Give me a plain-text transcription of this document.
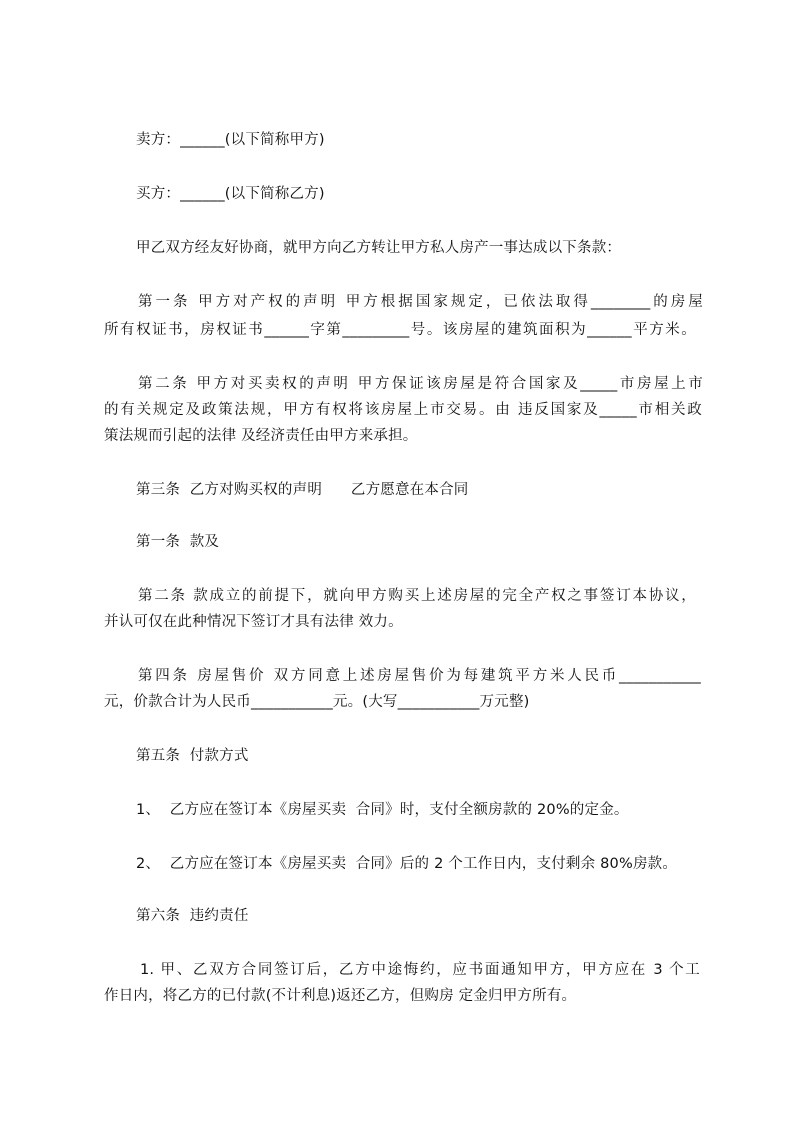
卖方：______(以下简称甲方)
买方：______(以下简称乙方)
甲乙双方经友好协商，就甲方向乙方转让甲方私人房产一事达成以下条款：
第一条 甲方对产权的声明 甲方根据国家规定，已依法取得________的房屋
所有权证书，房权证书______字第_________号。该房屋的建筑面积为______平方米。
第二条 甲方对买卖权的声明 甲方保证该房屋是符合国家及_____市房屋上市
的有关规定及政策法规，甲方有权将该房屋上市交易。由 违反国家及_____市相关政
策法规而引起的法律 及经济责任由甲方来承担。
第三条  乙方对购买权的声明      乙方愿意在本合同
第一条  款及
第二条 款成立的前提下，就向甲方购买上述房屋的完全产权之事签订本协议，
并认可仅在此种情况下签订才具有法律 效力。
第四条 房屋售价 双方同意上述房屋售价为每建筑平方米人民币___________
元，价款合计为人民币___________元。(大写___________万元整)
第五条  付款方式
1、  乙方应在签订本《房屋买卖  合同》时，支付全额房款的 20%的定金。
2、  乙方应在签订本《房屋买卖  合同》后的 2 个工作日内，支付剩余 80%房款。
第六条  违约责任
1. 甲、乙双方合同签订后，乙方中途悔约，应书面通知甲方，甲方应在 3 个工
作日内，将乙方的已付款(不计利息)返还乙方，但购房 定金归甲方所有。
